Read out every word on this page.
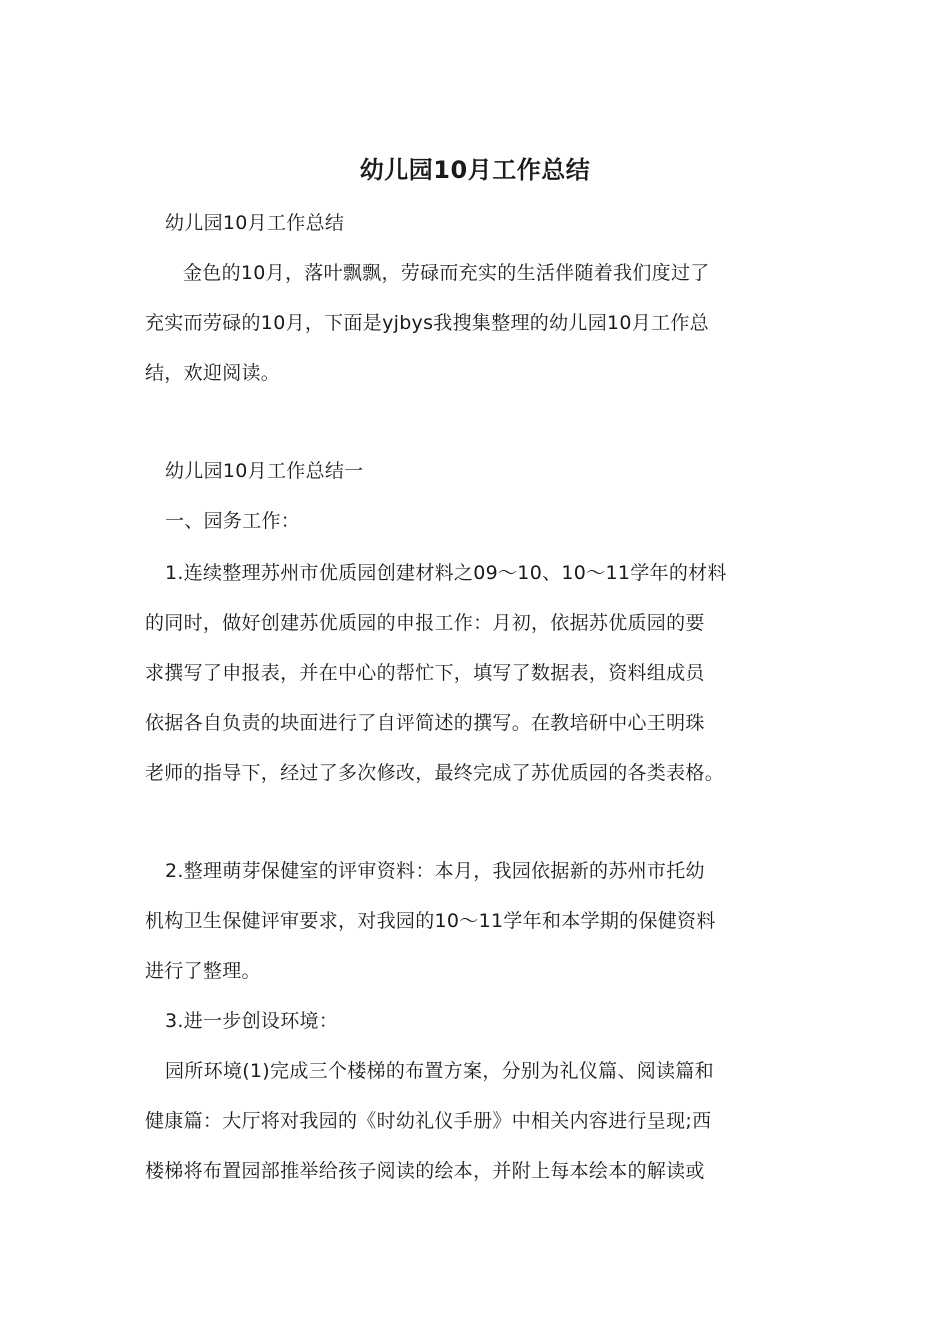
幼儿园10月工作总结
幼儿园10月工作总结
金色的10月，落叶飘飘，劳碌而充实的生活伴随着我们度过了
充实而劳碌的10月，下面是yjbys我搜集整理的幼儿园10月工作总
结，欢迎阅读。
幼儿园10月工作总结一
一、园务工作：
1.连续整理苏州市优质园创建材料之09～10、10～11学年的材料
的同时，做好创建苏优质园的申报工作：月初，依据苏优质园的要
求撰写了申报表，并在中心的帮忙下，填写了数据表，资料组成员
依据各自负责的块面进行了自评简述的撰写。在教培研中心王明珠
老师的指导下，经过了多次修改，最终完成了苏优质园的各类表格。
2.整理萌芽保健室的评审资料：本月，我园依据新的苏州市托幼
机构卫生保健评审要求，对我园的10～11学年和本学期的保健资料
进行了整理。
3.进一步创设环境：
园所环境(1)完成三个楼梯的布置方案，分别为礼仪篇、阅读篇和
健康篇：大厅将对我园的《时幼礼仪手册》中相关内容进行呈现;西
楼梯将布置园部推举给孩子阅读的绘本，并附上每本绘本的解读或
